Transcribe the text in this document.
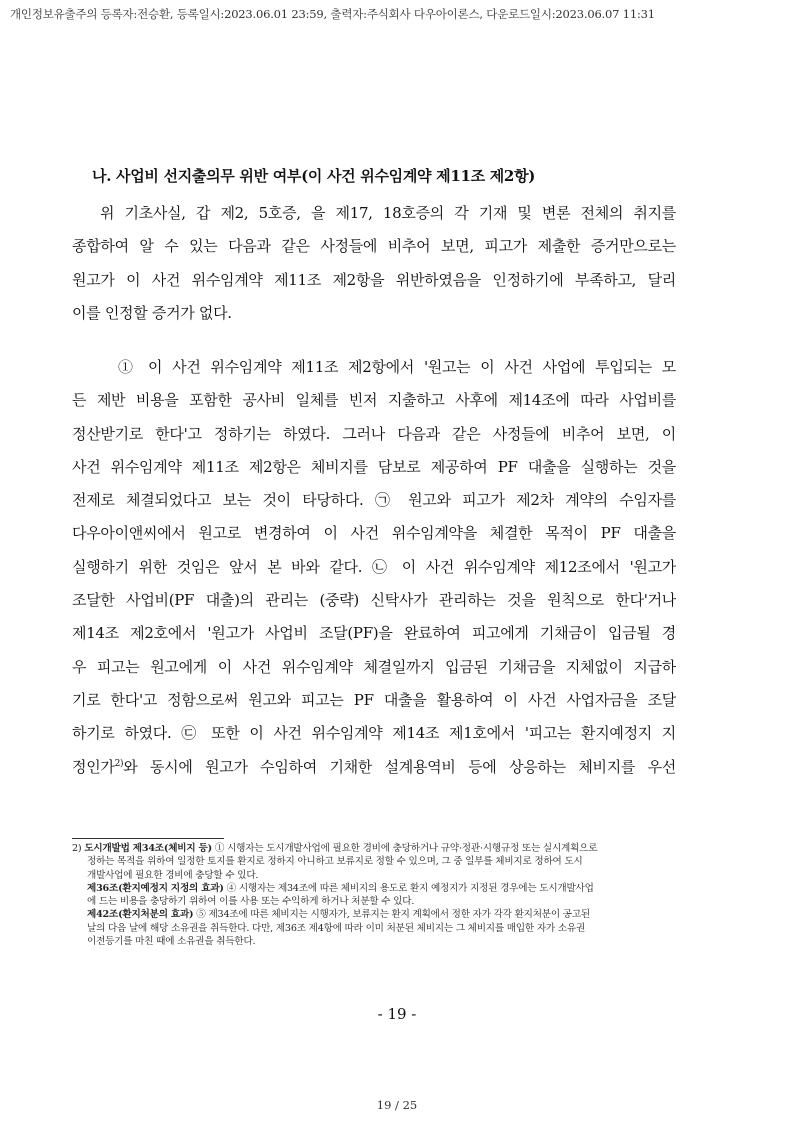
개인정보유출주의 등록자:전승환, 등록일시:2023.06.01 23:59, 출력자:주식회사 다우아이론스, 다운로드일시:2023.06.07 11:31
나. 사업비 선지출의무 위반 여부(이 사건 위수임계약 제11조 제2항)
위 기초사실, 갑 제2, 5호증, 을 제17, 18호증의 각 기재 및 변론 전체의 취지를
종합하여 알 수 있는 다음과 같은 사정들에 비추어 보면, 피고가 제출한 증거만으로는
원고가 이 사건 위수임계약 제11조 제2항을 위반하였음을 인정하기에 부족하고, 달리
이를 인정할 증거가 없다.
① 이 사건 위수임계약 제11조 제2항에서 '원고는 이 사건 사업에 투입되는 모
든 제반 비용을 포함한 공사비 일체를 빈저 지출하고 사후에 제14조에 따라 사업비를
정산받기로 한다'고 정하기는 하였다. 그러나 다음과 같은 사정들에 비추어 보면, 이
사건 위수임계약 제11조 제2항은 체비지를 담보로 제공하여 PF 대출을 실행하는 것을
전제로 체결되었다고 보는 것이 타당하다. ㉠ 원고와 피고가 제2차 계약의 수임자를
다우아이앤씨에서 원고로 변경하여 이 사건 위수임계약을 체결한 목적이 PF 대출을
실행하기 위한 것임은 앞서 본 바와 같다. ㉡ 이 사건 위수임계약 제12조에서 '원고가
조달한 사업비(PF 대출)의 관리는 (중략) 신탁사가 관리하는 것을 원칙으로 한다'거나
제14조 제2호에서 '원고가 사업비 조달(PF)을 완료하여 피고에게 기채금이 입금될 경
우 피고는 원고에게 이 사건 위수임계약 체결일까지 입금된 기채금을 지체없이 지급하
기로 한다'고 정함으로써 원고와 피고는 PF 대출을 활용하여 이 사건 사업자금을 조달
하기로 하였다. ㉢ 또한 이 사건 위수임계약 제14조 제1호에서 '피고는 환지예정지 지
정인가$^{2)}$와 동시에 원고가 수임하여 기채한 설계용역비 등에 상응하는 체비지를 우선
2) 도시개발법 제34조(체비지 등) ① 시행자는 도시개발사업에 필요한 경비에 충당하거나 규약·정관·시행규정 또는 실시계획으로
정하는 목적을 위하여 일정한 토지를 환지로 정하지 아니하고 보류지로 정할 수 있으며, 그 중 일부를 체비지로 정하여 도시
개발사업에 필요한 경비에 충당할 수 있다.
제36조(환지예정지 지정의 효과) ④ 시행자는 제34조에 따른 체비지의 용도로 환지 예정지가 지정된 경우에는 도시개발사업
에 드는 비용을 충당하기 위하여 이를 사용 또는 수익하게 하거나 처분할 수 있다.
제42조(환지처분의 효과) ⑤ 제34조에 따른 체비지는 시행자가, 보류지는 환지 계획에서 정한 자가 각각 환지처분이 공고된
날의 다음 날에 해당 소유권을 취득한다. 다만, 제36조 제4항에 따라 이미 처분된 체비지는 그 체비지를 매입한 자가 소유권
이전등기를 마친 때에 소유권을 취득한다.
- 19 -
19 / 25
